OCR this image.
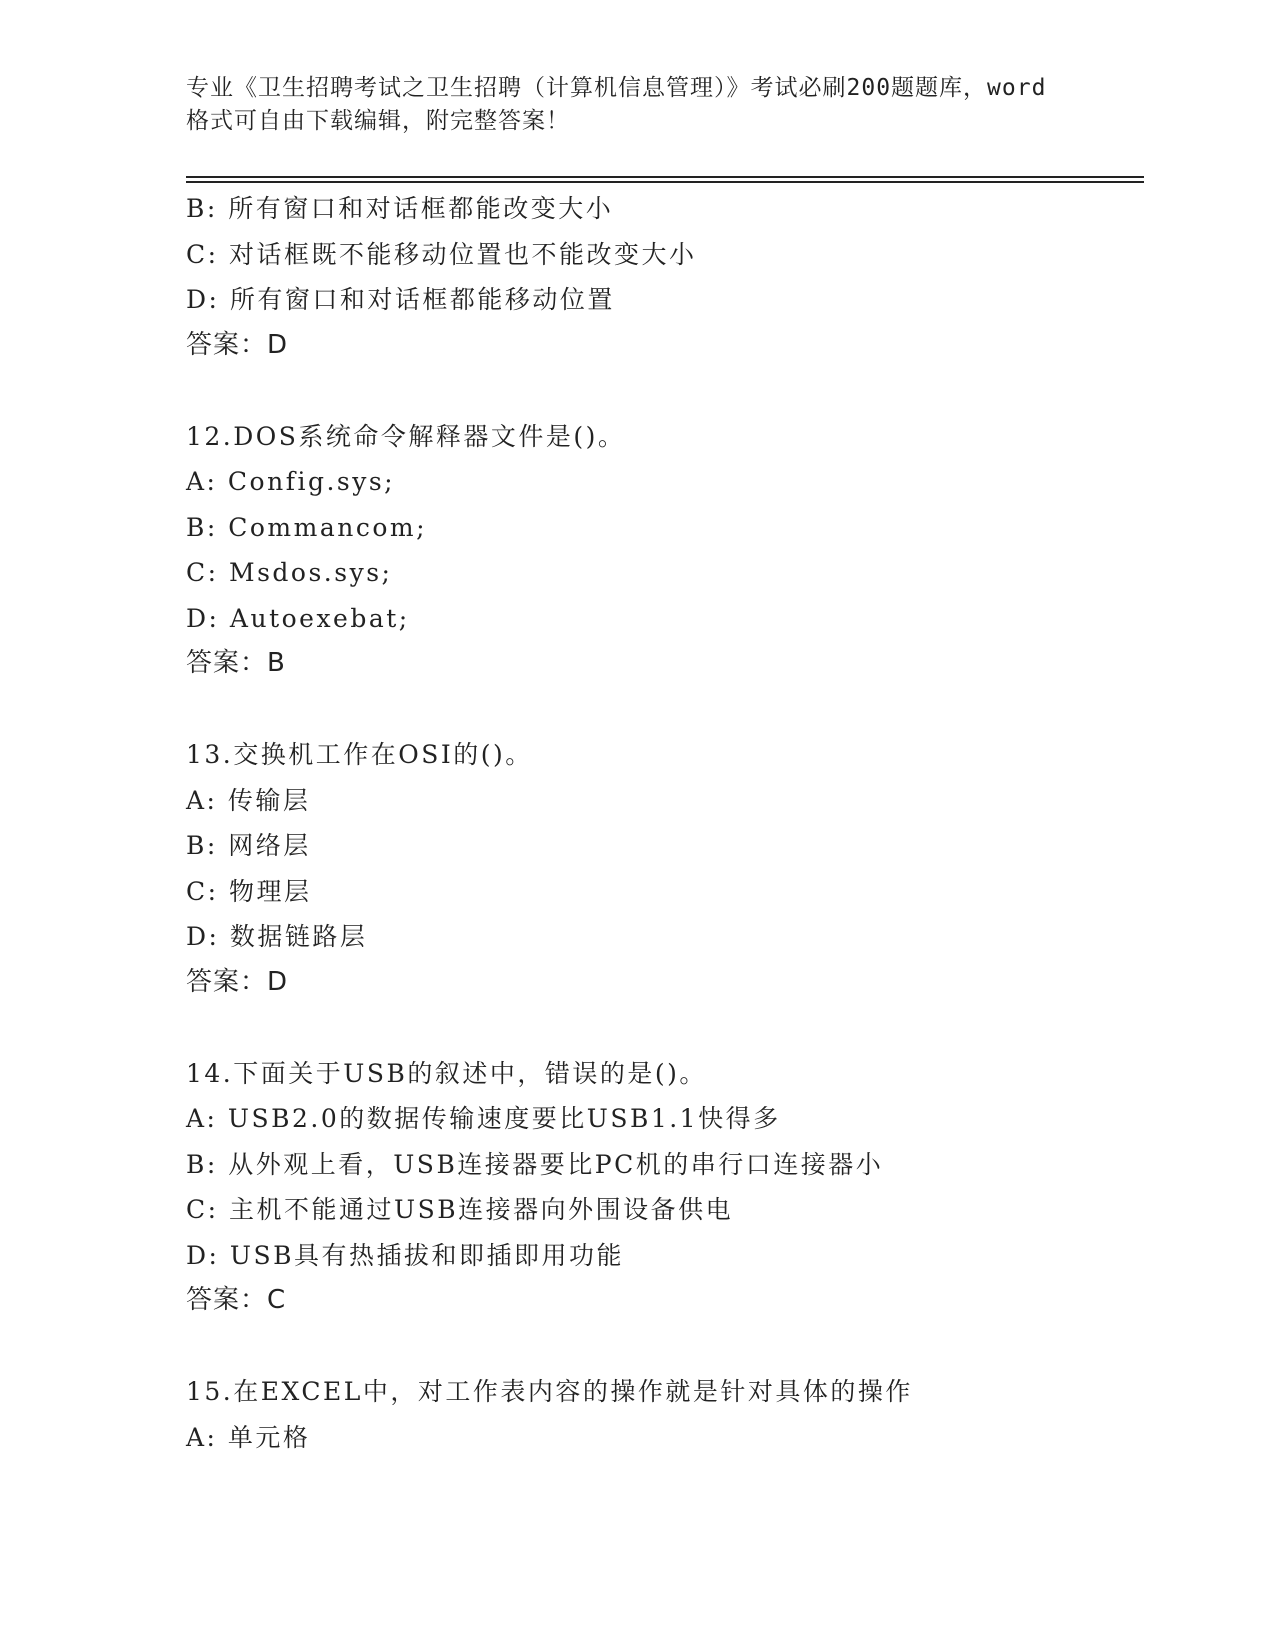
专业《卫生招聘考试之卫生招聘（计算机信息管理）》考试必刷200题题库，word
格式可自由下载编辑，附完整答案！
B: 所有窗口和对话框都能改变大小
C: 对话框既不能移动位置也不能改变大小
D: 所有窗口和对话框都能移动位置
答案：D
12.DOS系统命令解释器文件是()。
A: Config.sys;
B: Commancom;
C: Msdos.sys;
D: Autoexebat;
答案：B
13.交换机工作在OSI的()。
A: 传输层
B: 网络层
C: 物理层
D: 数据链路层
答案：D
14.下面关于USB的叙述中，错误的是()。
A: USB2.0的数据传输速度要比USB1.1快得多
B: 从外观上看，USB连接器要比PC机的串行口连接器小
C: 主机不能通过USB连接器向外围设备供电
D: USB具有热插拔和即插即用功能
答案：C
15.在EXCEL中，对工作表内容的操作就是针对具体的操作
A: 单元格
